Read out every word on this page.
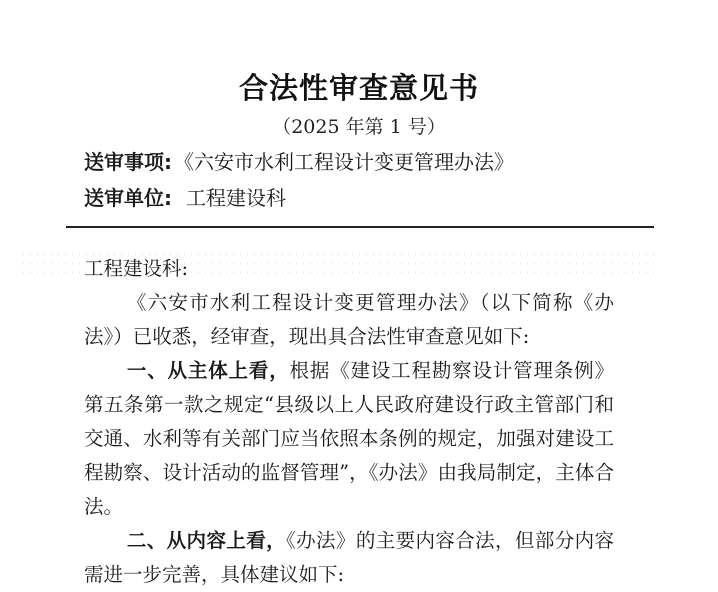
合法性审查意见书
（2025 年第 1 号）
送审事项: 《六安市水利工程设计变更管理办法》
送审单位: 工程建设科

工程建设科:

《六安市水利工程设计变更管理办法》（以下简称《办法》）已收悉，经审查，现出具合法性审查意见如下:

一、从主体上看，根据《建设工程勘察设计管理条例》第五条第一款之规定“县级以上人民政府建设行政主管部门和交通、水利等有关部门应当依照本条例的规定，加强对建设工程勘察、设计活动的监督管理”，《办法》由我局制定，主体合法。

二、从内容上看，《办法》的主要内容合法，但部分内容需进一步完善，具体建议如下:
